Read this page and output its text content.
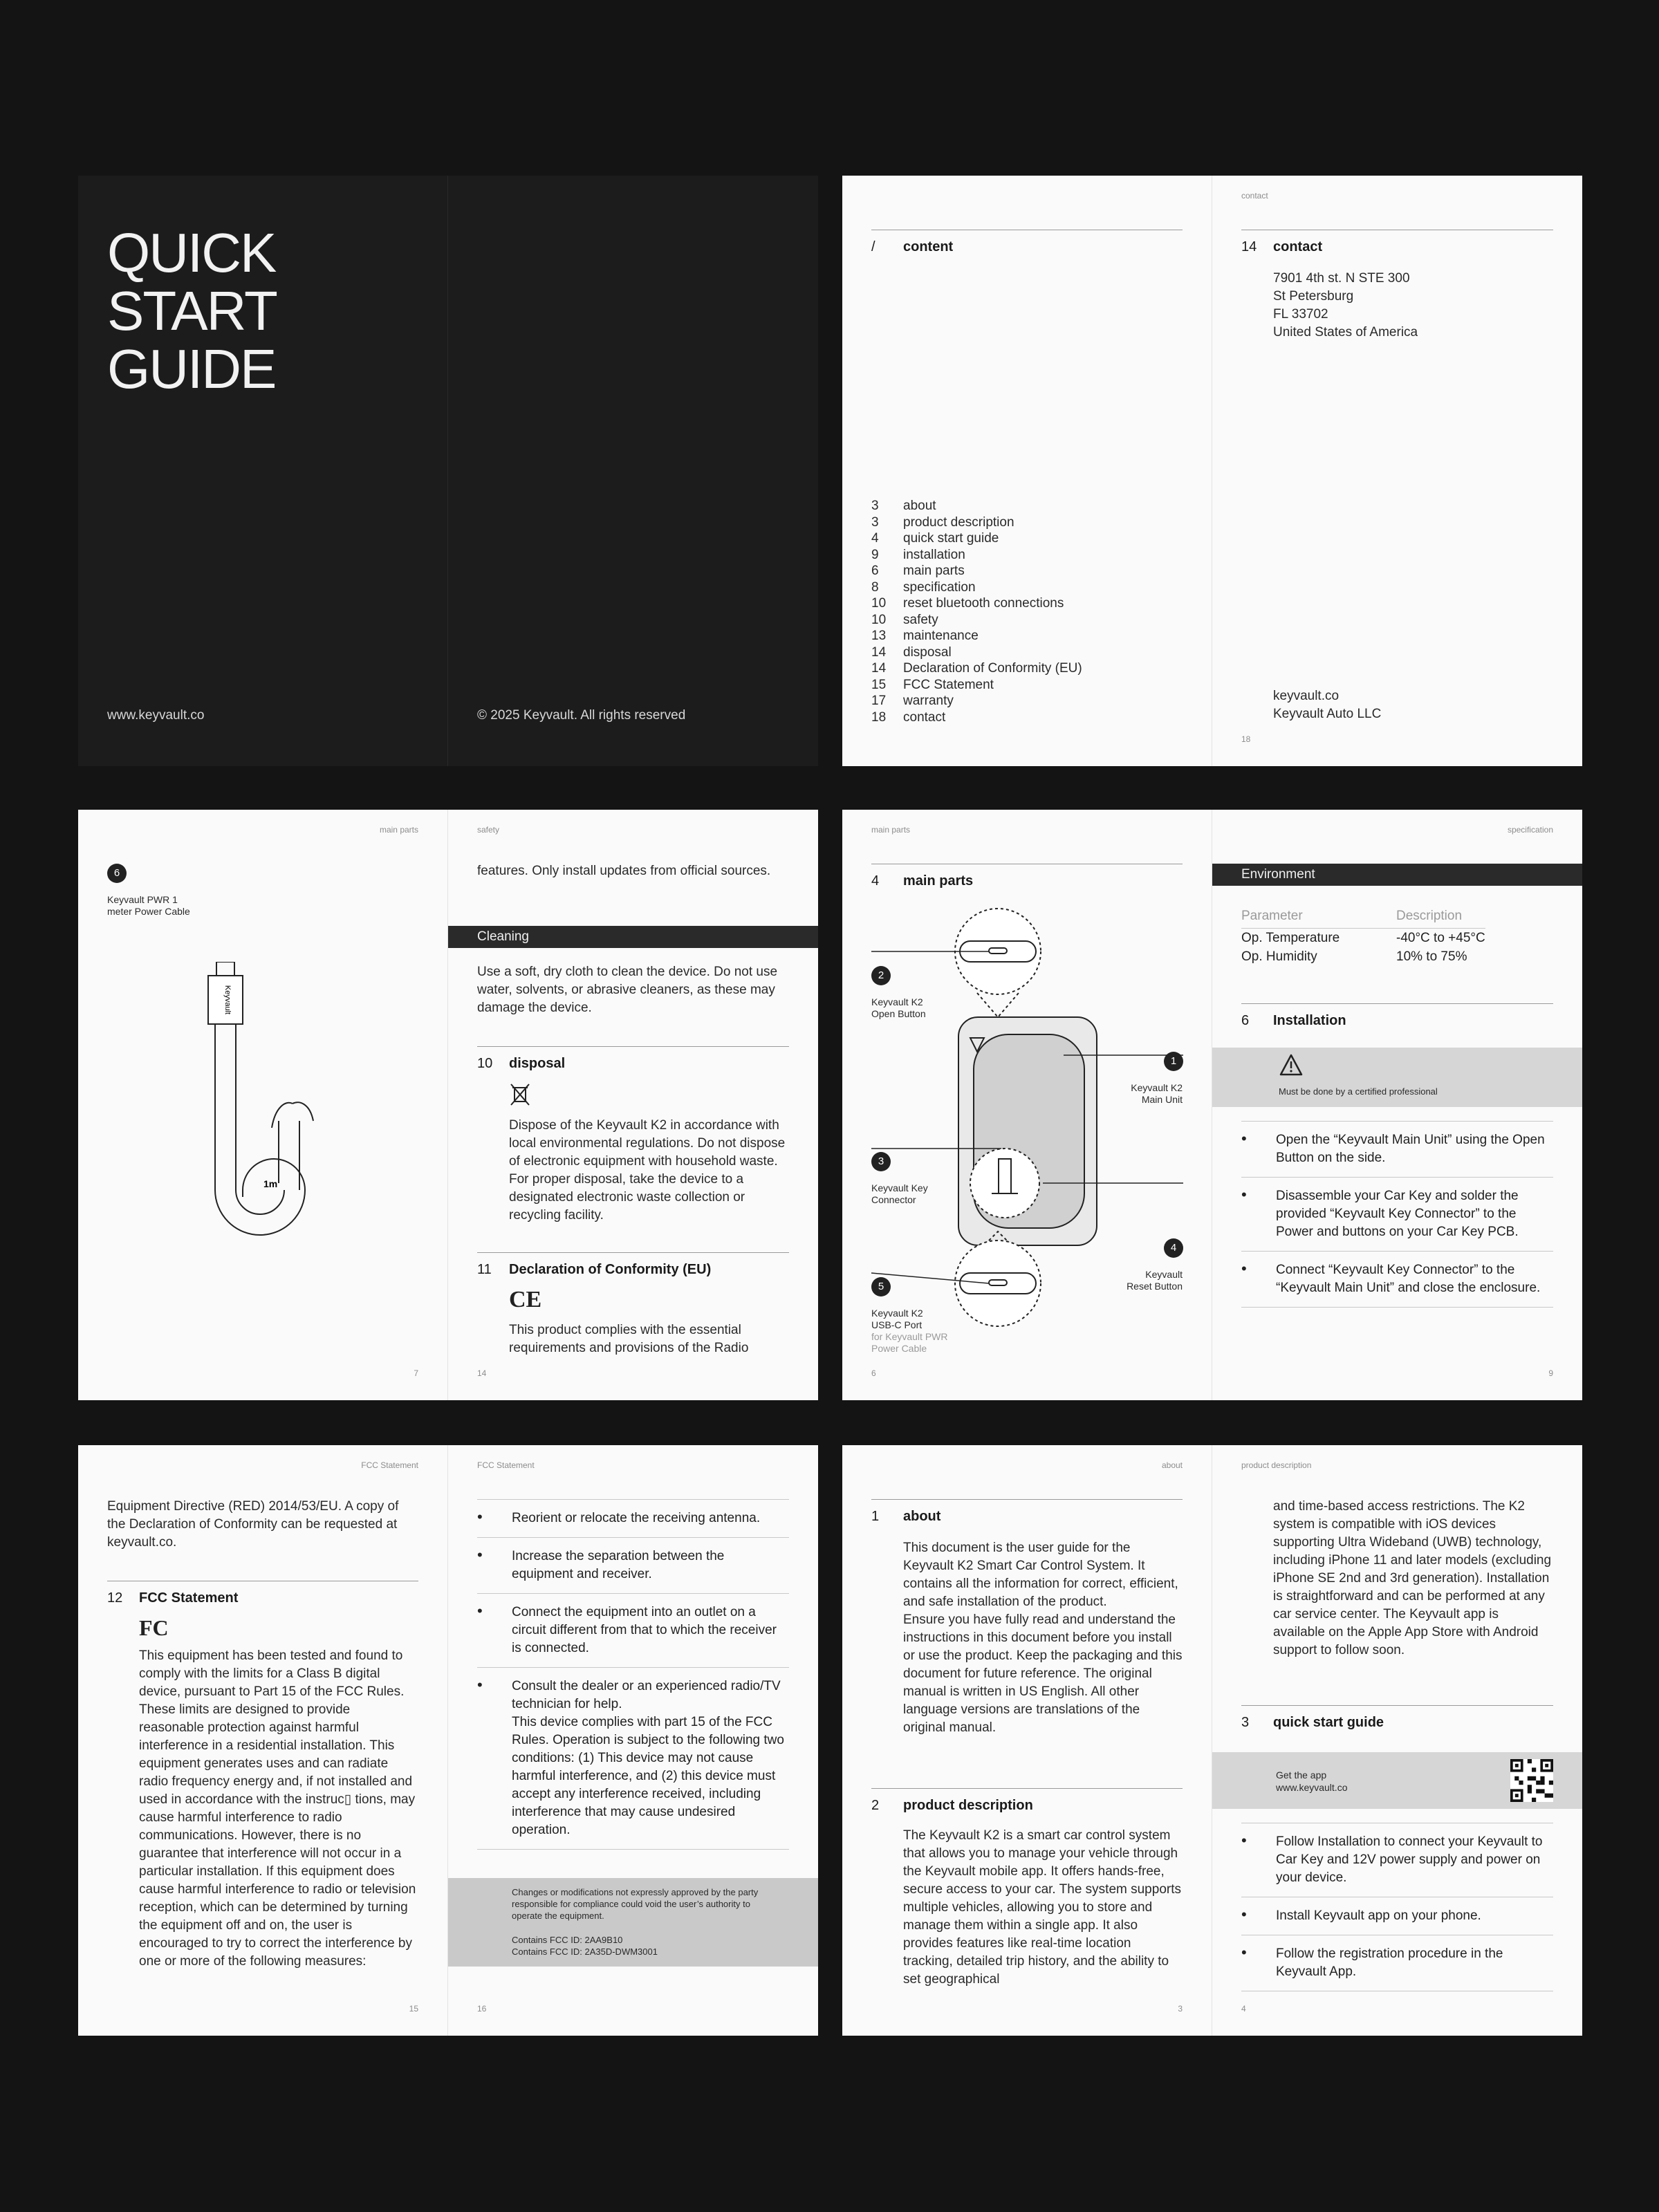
QUICK START
GUIDE
www.keyvault.co	© 2025 Keyvault. All rights reserved
/ content
3 about
3 product description
4 quick start guide
9 installation
6 main parts
8 specification
10 reset bluetooth connections
10 safety
13 maintenance
14 disposal
14 Declaration of Conformity (EU)
15 FCC Statement
17 warranty
18 contact
contact
14 contact
7901 4th st. N STE 300
St Petersburg
FL 33702
United States of America
keyvault.co
Keyvault Auto LLC
18
main parts
6
Keyvault PWR 1
meter Power Cable
Keyvault
1m
7
safety
features. Only install updates from official sources.
Cleaning
Use a soft, dry cloth to clean the device. Do not use water, solvents, or abrasive cleaners, as these may damage the device.
10 disposal
Dispose of the Keyvault K2 in accordance with local environmental regulations. Do not dispose of electronic equipment with household waste. For proper disposal, take the device to a designated electronic waste collection or recycling facility.
11 Declaration of Conformity (EU)
CE
This product complies with the essential requirements and provisions of the Radio
14
main parts
4 main parts
2
Keyvault K2
Open Button
1
Keyvault K2
Main Unit
3
Keyvault Key
Connector
4
Keyvault
Reset Button
5
Keyvault K2
USB-C Port
for Keyvault PWR
Power Cable
6
specification
Environment
Parameter	Description
Op. Temperature	-40°C to +45°C
Op. Humidity	10% to 75%
6 Installation
Must be done by a certified professional
• Open the “Keyvault Main Unit” using the Open Button on the side.
• Disassemble your Car Key and solder the provided “Keyvault Key Connector” to the Power and buttons on your Car Key PCB.
• Connect “Keyvault Key Connector” to the “Keyvault Main Unit” and close the enclosure.
9
FCC Statement
Equipment Directive (RED) 2014/53/EU. A copy of the Declaration of Conformity can be requested at keyvault.co.
12 FCC Statement
FC
This equipment has been tested and found to comply with the limits for a Class B digital device, pursuant to Part 15 of the FCC Rules. These limits are designed to provide reasonable protection against harmful interference in a residential installation. This equipment generates uses and can radiate radio frequency energy and, if not installed and used in accordance with the instruc▯ tions, may cause harmful interference to radio communications. However, there is no guarantee that interference will not occur in a particular installation. If this equipment does cause harmful interference to radio or television reception, which can be determined by turning the equipment off and on, the user is encouraged to try to correct the interference by one or more of the following measures:
15
FCC Statement
• Reorient or relocate the receiving antenna.
• Increase the separation between the equipment and receiver.
• Connect the equipment into an outlet on a circuit different from that to which the receiver is connected.
• Consult the dealer or an experienced radio/TV technician for help.
This device complies with part 15 of the FCC Rules. Operation is subject to the following two conditions: (1) This device may not cause harmful interference, and (2) this device must accept any interference received, including interference that may cause undesired operation.
Changes or modifications not expressly approved by the party responsible for compliance could void the user’s authority to operate the equipment.
Contains FCC ID: 2AA9B10
Contains FCC ID: 2A35D-DWM3001
16
about
1 about
This document is the user guide for the Keyvault K2 Smart Car Control System. It contains all the information for correct, efficient, and safe installation of the product.
Ensure you have fully read and understand the instructions in this document before you install or use the product. Keep the packaging and this document for future reference. The original manual is written in US English. All other language versions are translations of the original manual.
2 product description
The Keyvault K2 is a smart car control system that allows you to manage your vehicle through the Keyvault mobile app. It offers hands-free, secure access to your car. The system supports multiple vehicles, allowing you to store and manage them within a single app. It also provides features like real-time location tracking, detailed trip history, and the ability to set geographical
3
product description
and time-based access restrictions. The K2 system is compatible with iOS devices supporting Ultra Wideband (UWB) technology, including iPhone 11 and later models (excluding iPhone SE 2nd and 3rd generation). Installation is straightforward and can be performed at any car service center. The Keyvault app is available on the Apple App Store with Android support to follow soon.
3 quick start guide
Get the app
www.keyvault.co
• Follow Installation to connect your Keyvault to Car Key and 12V power supply and power on your device.
• Install Keyvault app on your phone.
• Follow the registration procedure in the Keyvault App.
4
